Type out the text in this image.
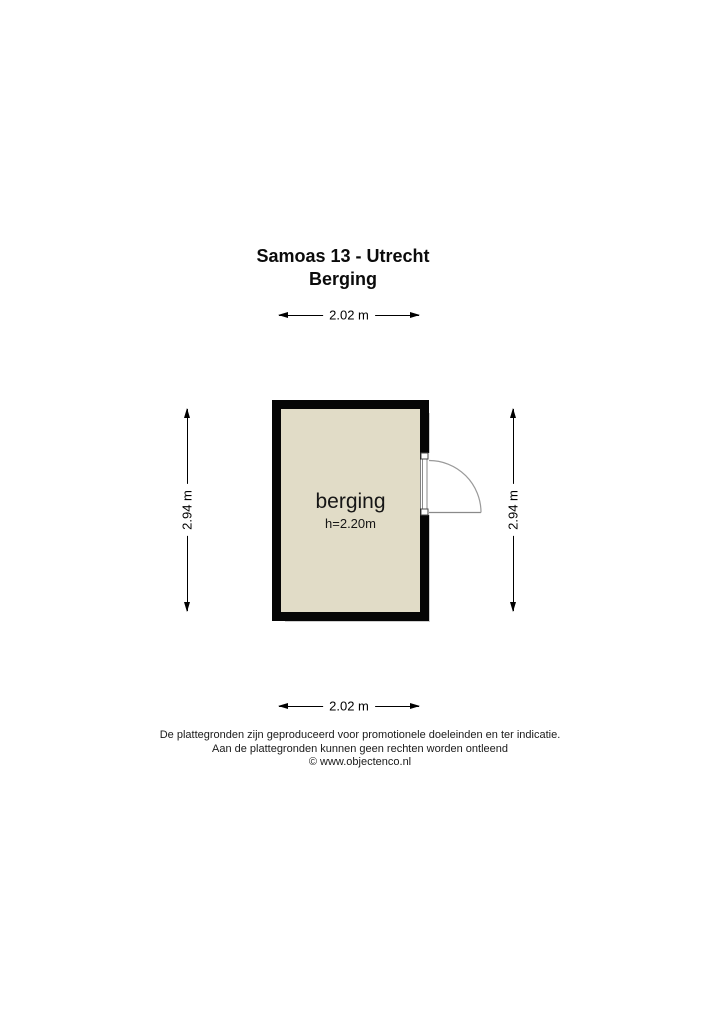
Samoas 13 - Utrecht
Berging
2.02 m
2.94 m	2.94 m
berging
h=2.20m
2.02 m
De plattegronden zijn geproduceerd voor promotionele doeleinden en ter indicatie.
Aan de plattegronden kunnen geen rechten worden ontleend
© www.objectenco.nl
